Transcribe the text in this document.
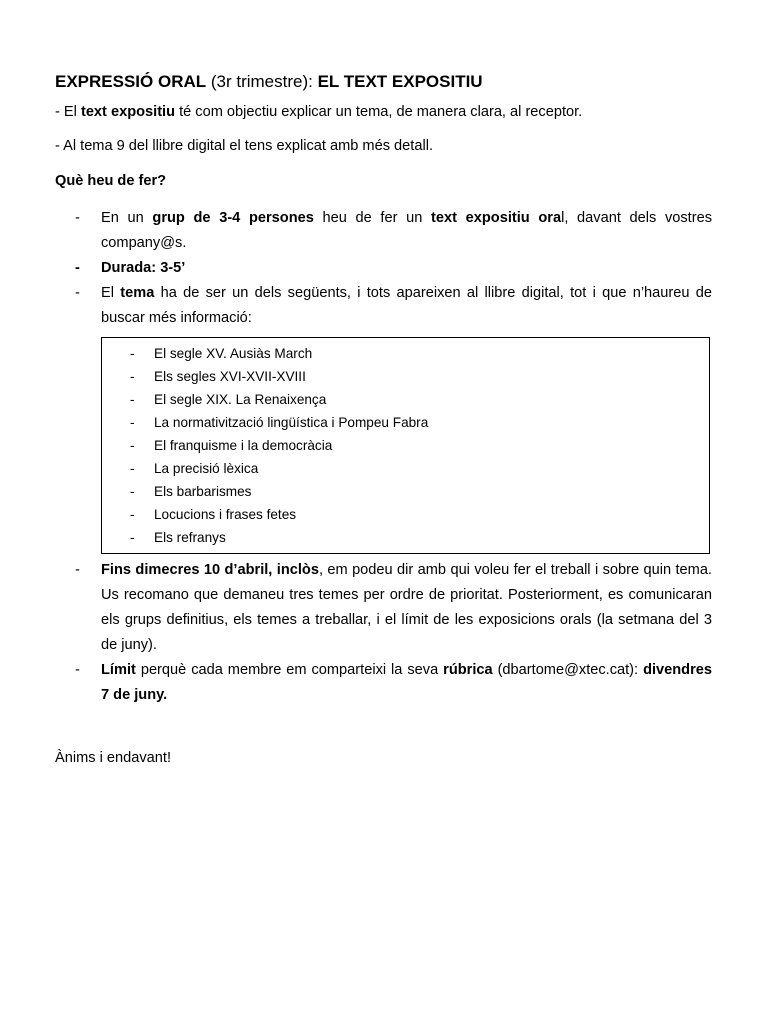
EXPRESSIÓ ORAL (3r trimestre): EL TEXT EXPOSITIU

- El text expositiu té com objectiu explicar un tema, de manera clara, al receptor.

- Al tema 9 del llibre digital el tens explicat amb més detall.

Què heu de fer?
- En un grup de 3-4 persones heu de fer un text expositiu oral, davant dels vostres company@s.
- Durada: 3-5’
- El tema ha de ser un dels següents, i tots apareixen al llibre digital, tot i que n’haureu de buscar més informació:
- El segle XV. Ausiàs March
- Els segles XVI-XVII-XVIII
- El segle XIX. La Renaixença
- La normativització lingüística i Pompeu Fabra
- El franquisme i la democràcia
- La precisió lèxica
- Els barbarismes
- Locucions i frases fetes
- Els refranys
- Fins dimecres 10 d’abril, inclòs, em podeu dir amb qui voleu fer el treball i sobre quin tema. Us recomano que demaneu tres temes per ordre de prioritat. Posteriorment, es comunicaran els grups definitius, els temes a treballar, i el límit de les exposicions orals (la setmana del 3 de juny).
- Límit perquè cada membre em comparteixi la seva rúbrica (dbartome@xtec.cat): divendres 7 de juny.
Ànims i endavant!
